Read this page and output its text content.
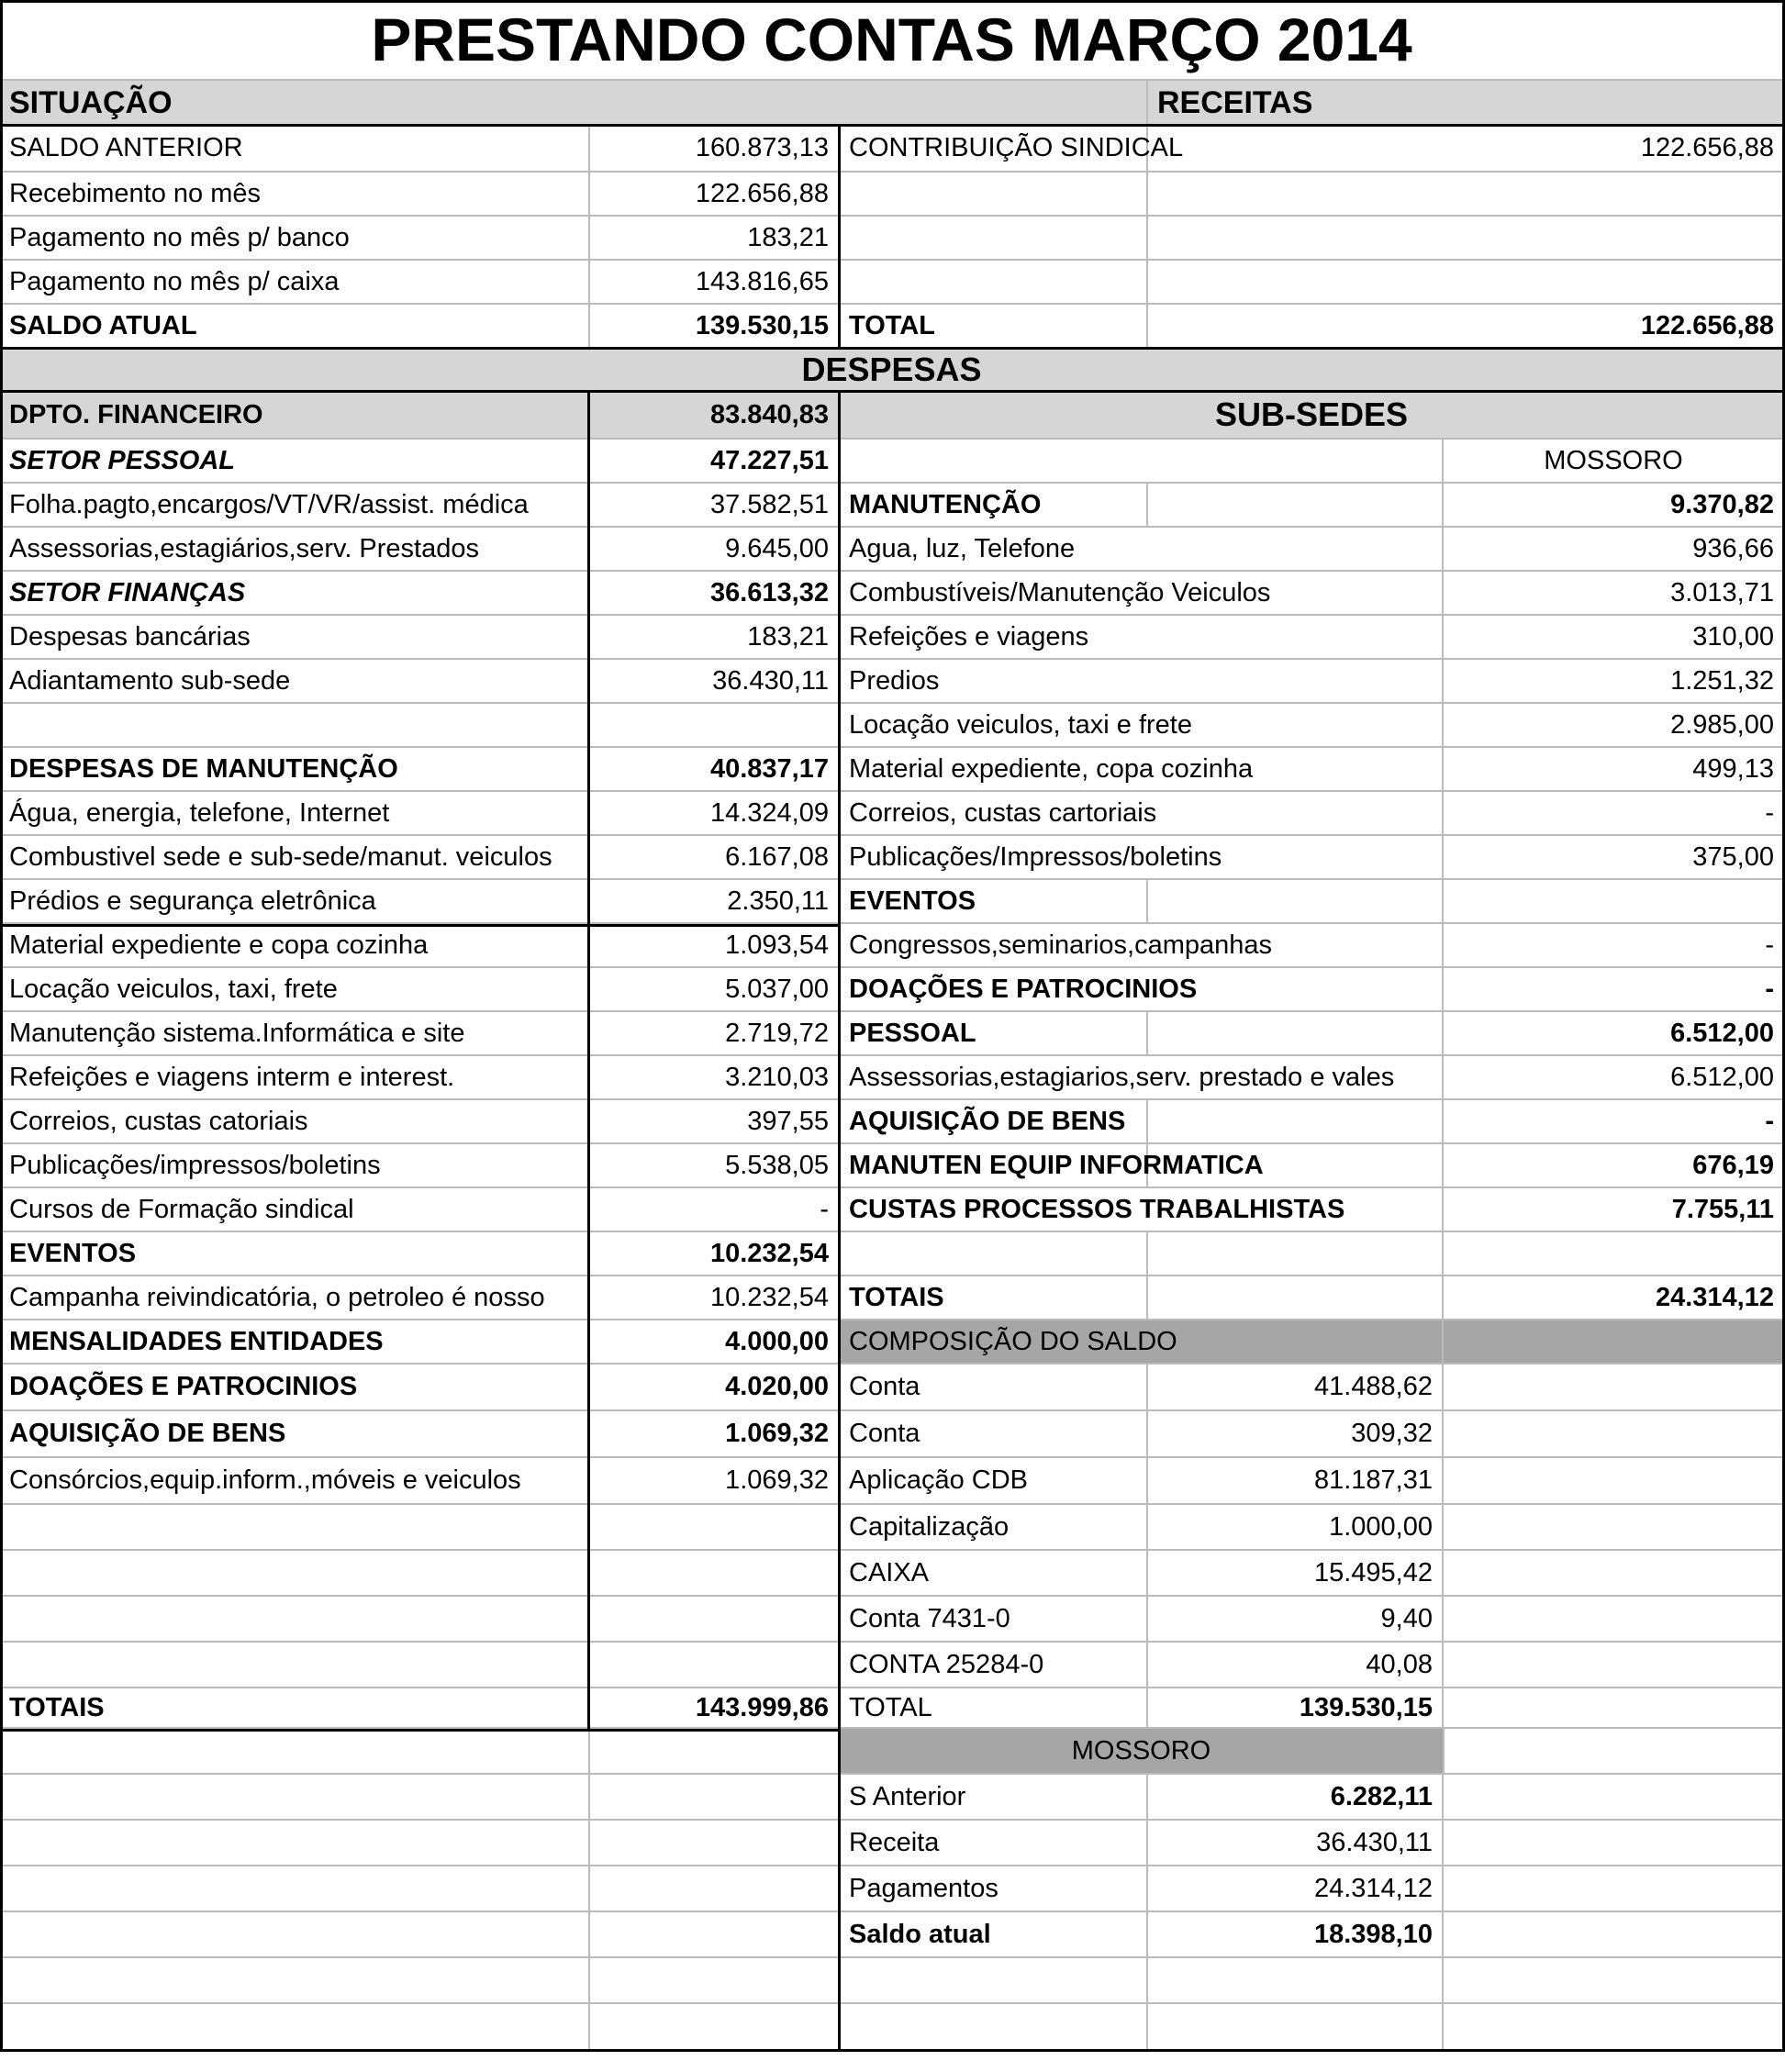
PRESTANDO CONTAS MARÇO 2014
SITUAÇÃO	RECEITAS
SALDO ANTERIOR	160.873,13
Recebimento no mês	122.656,88
Pagamento no mês p/ banco	183,21
Pagamento no mês p/ caixa	143.816,65
SALDO ATUAL	139.530,15
CONTRIBUIÇÃO SINDICAL	122.656,88
TOTAL	122.656,88
DESPESAS
DPTO. FINANCEIRO	83.840,83
SETOR PESSOAL	47.227,51
Folha.pagto,encargos/VT/VR/assist. médica	37.582,51
Assessorias,estagiários,serv. Prestados	9.645,00
SETOR FINANÇAS	36.613,32
Despesas bancárias	183,21
Adiantamento sub-sede	36.430,11
DESPESAS DE MANUTENÇÃO	40.837,17
Água, energia, telefone, Internet	14.324,09
Combustivel sede e sub-sede/manut. veiculos	6.167,08
Prédios e segurança eletrônica	2.350,11
Material expediente e copa cozinha	1.093,54
Locação veiculos, taxi, frete	5.037,00
Manutenção sistema.Informática e site	2.719,72
Refeições e viagens interm e interest.	3.210,03
Correios, custas catoriais	397,55
Publicações/impressos/boletins	5.538,05
Cursos de Formação sindical	-
EVENTOS	10.232,54
Campanha reivindicatória, o petroleo é nosso	10.232,54
MENSALIDADES ENTIDADES	4.000,00
DOAÇÕES E PATROCINIOS	4.020,00
AQUISIÇÃO DE BENS	1.069,32
Consórcios,equip.inform.,móveis e veiculos	1.069,32
TOTAIS	143.999,86
SUB-SEDES
MOSSORO
MANUTENÇÃO	9.370,82
Agua, luz, Telefone	936,66
Combustíveis/Manutenção Veiculos	3.013,71
Refeições e viagens	310,00
Predios	1.251,32
Locação veiculos, taxi e frete	2.985,00
Material expediente, copa cozinha	499,13
Correios, custas cartoriais	-
Publicações/Impressos/boletins	375,00
EVENTOS
Congressos,seminarios,campanhas	-
DOAÇÕES E PATROCINIOS	-
PESSOAL	6.512,00
Assessorias,estagiarios,serv. prestado e vales	6.512,00
AQUISIÇÃO DE BENS	-
MANUTEN EQUIP INFORMATICA	676,19
CUSTAS PROCESSOS TRABALHISTAS	7.755,11
TOTAIS	24.314,12
COMPOSIÇÃO DO SALDO
Conta	41.488,62
Conta	309,32
Aplicação CDB	81.187,31
Capitalização	1.000,00
CAIXA	15.495,42
Conta 7431-0	9,40
CONTA 25284-0	40,08
TOTAL	139.530,15
MOSSORO
S Anterior	6.282,11
Receita	36.430,11
Pagamentos	24.314,12
Saldo atual	18.398,10
